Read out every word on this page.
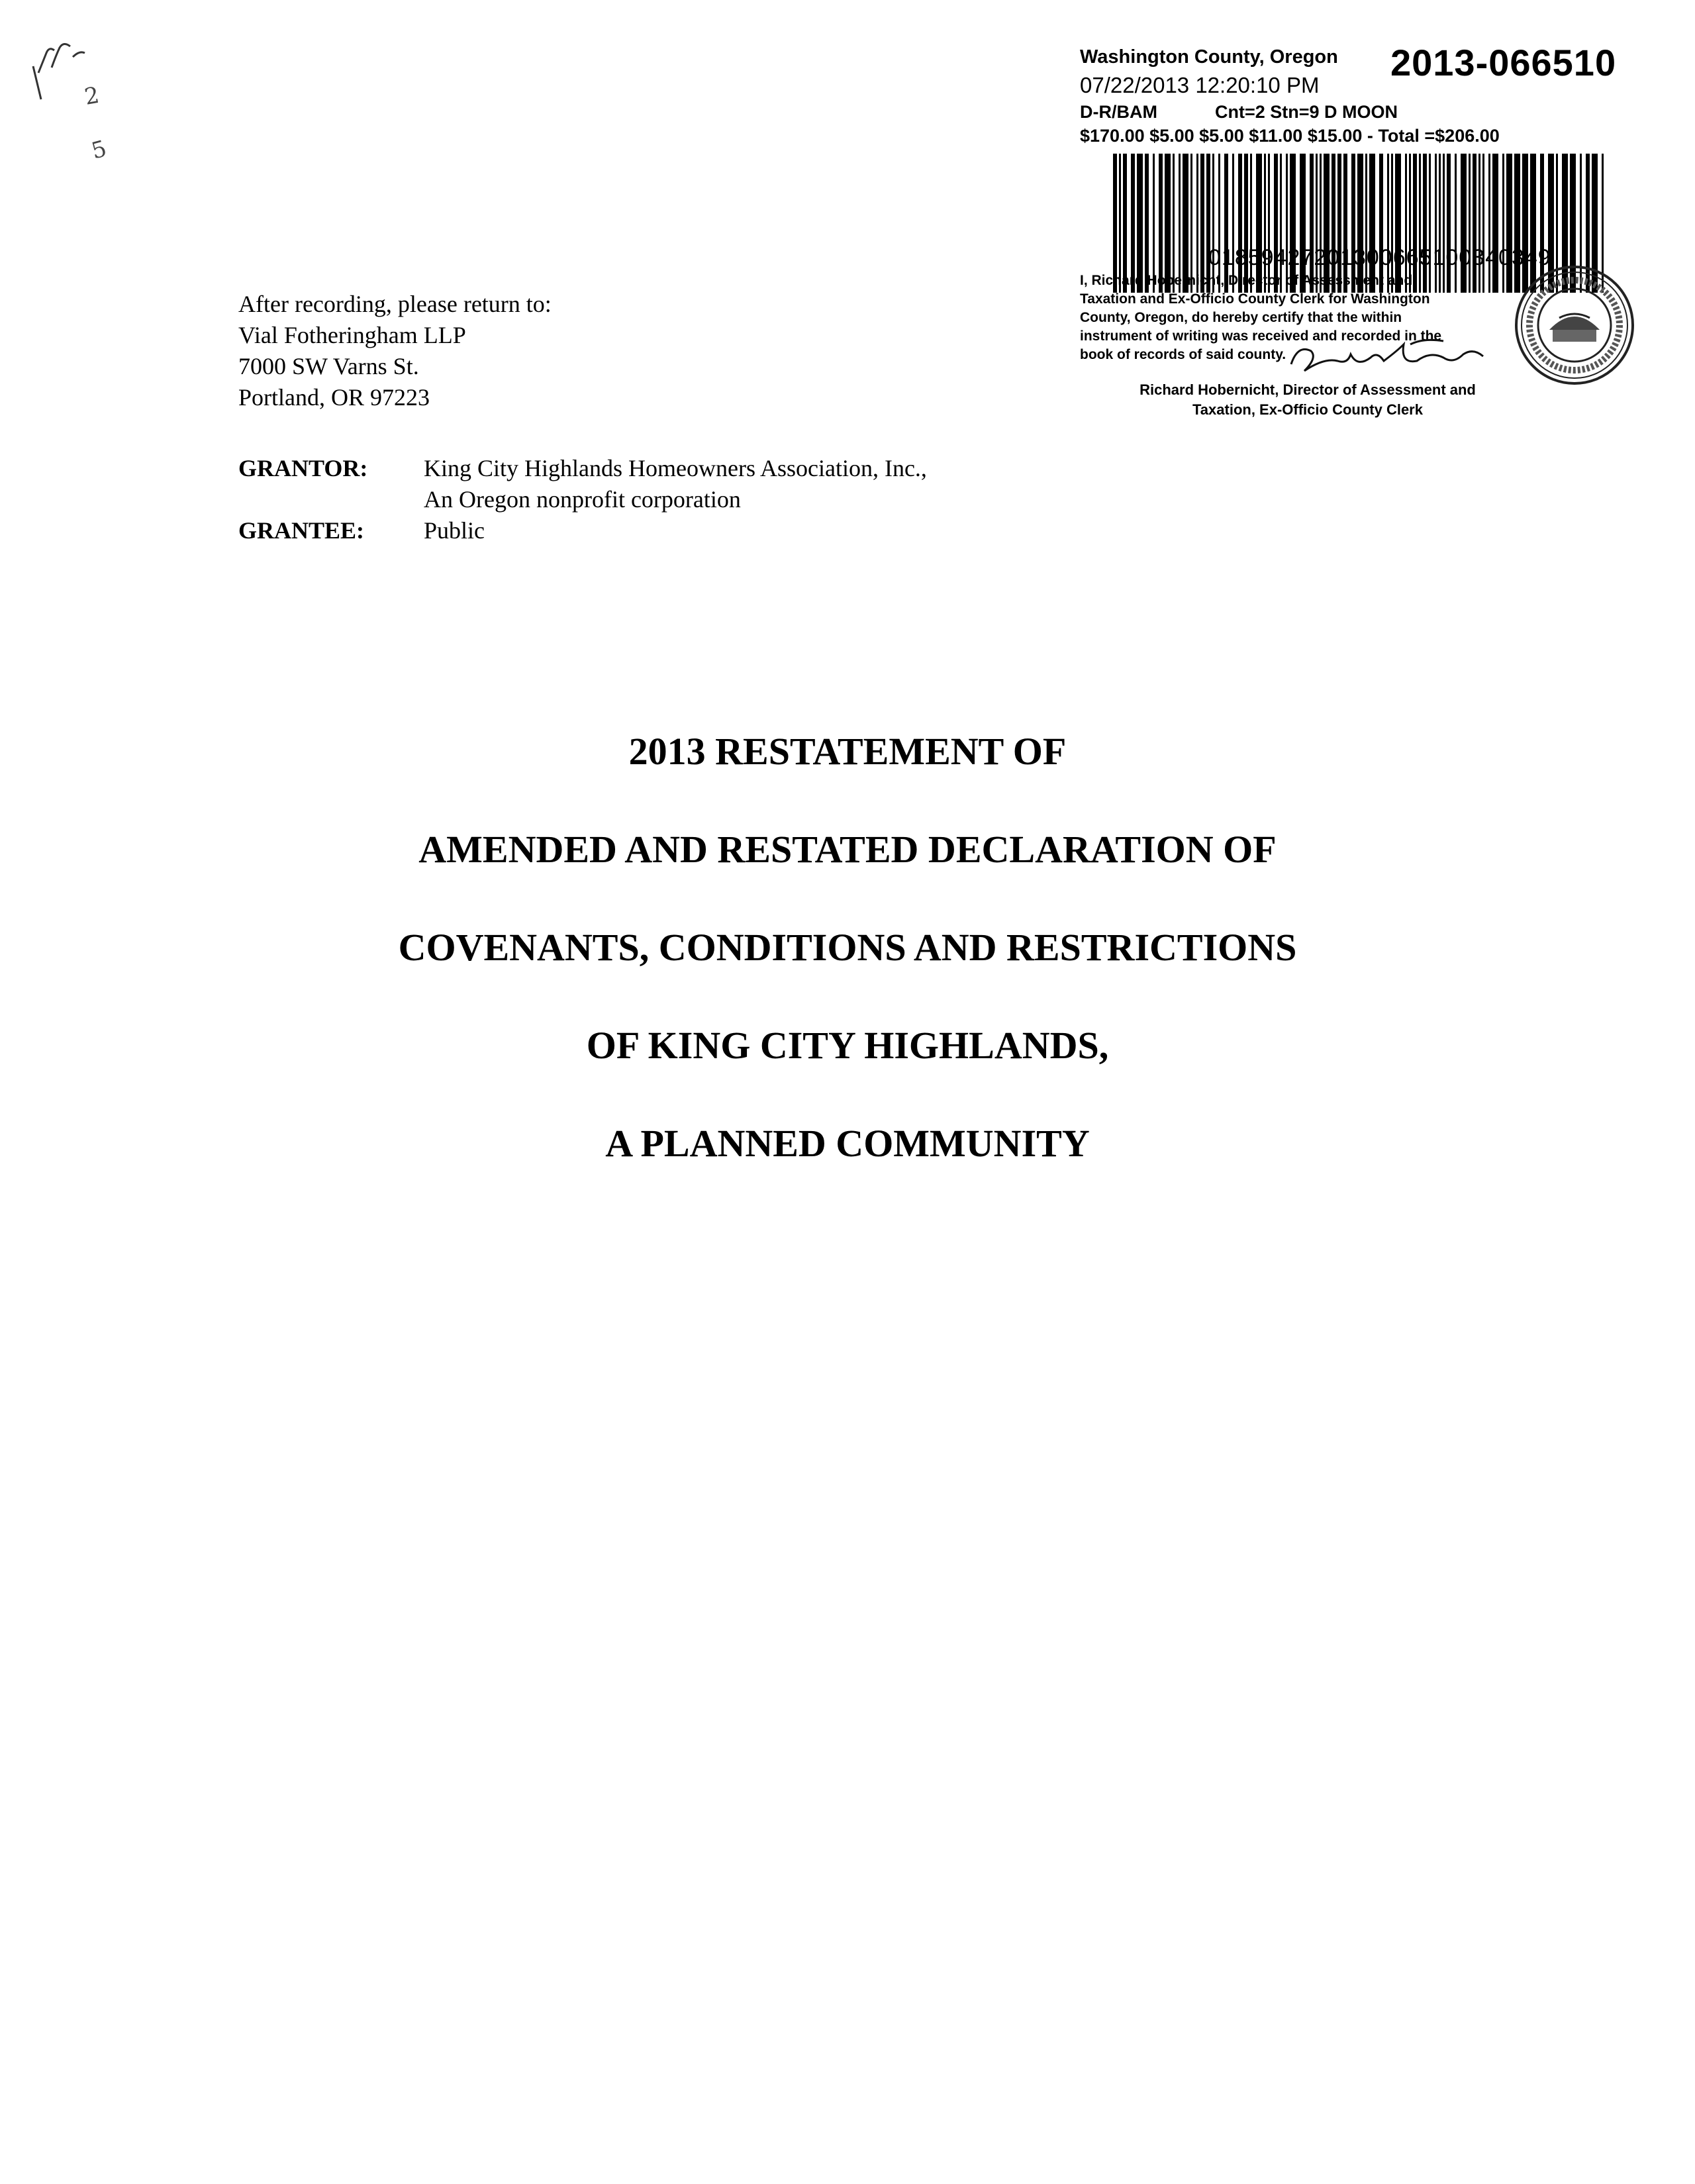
2
5
Washington County, Oregon 2013-066510
07/22/2013 12:20:10 PM
D-R/BAM	Cnt=2 Stn=9 D MOON
$170.00 $5.00 $5.00 $11.00 $15.00 - Total =$206.00
01859427201300665100340349
I, Richard Hobernicht, Director of Assessment and
Taxation and Ex-Officio County Clerk for Washington
County, Oregon, do hereby certify that the within
instrument of writing was received and recorded in the
book of records of said county.
Richard Hobernicht, Director of Assessment and
Taxation, Ex-Officio County Clerk
After recording, please return to:
Vial Fotheringham LLP
7000 SW Varns St.
Portland, OR 97223
GRANTOR:	King City Highlands Homeowners Association, Inc.,
An Oregon nonprofit corporation
GRANTEE:	Public
2013 RESTATEMENT OF
AMENDED AND RESTATED DECLARATION OF
COVENANTS, CONDITIONS AND RESTRICTIONS
OF KING CITY HIGHLANDS,
A PLANNED COMMUNITY
